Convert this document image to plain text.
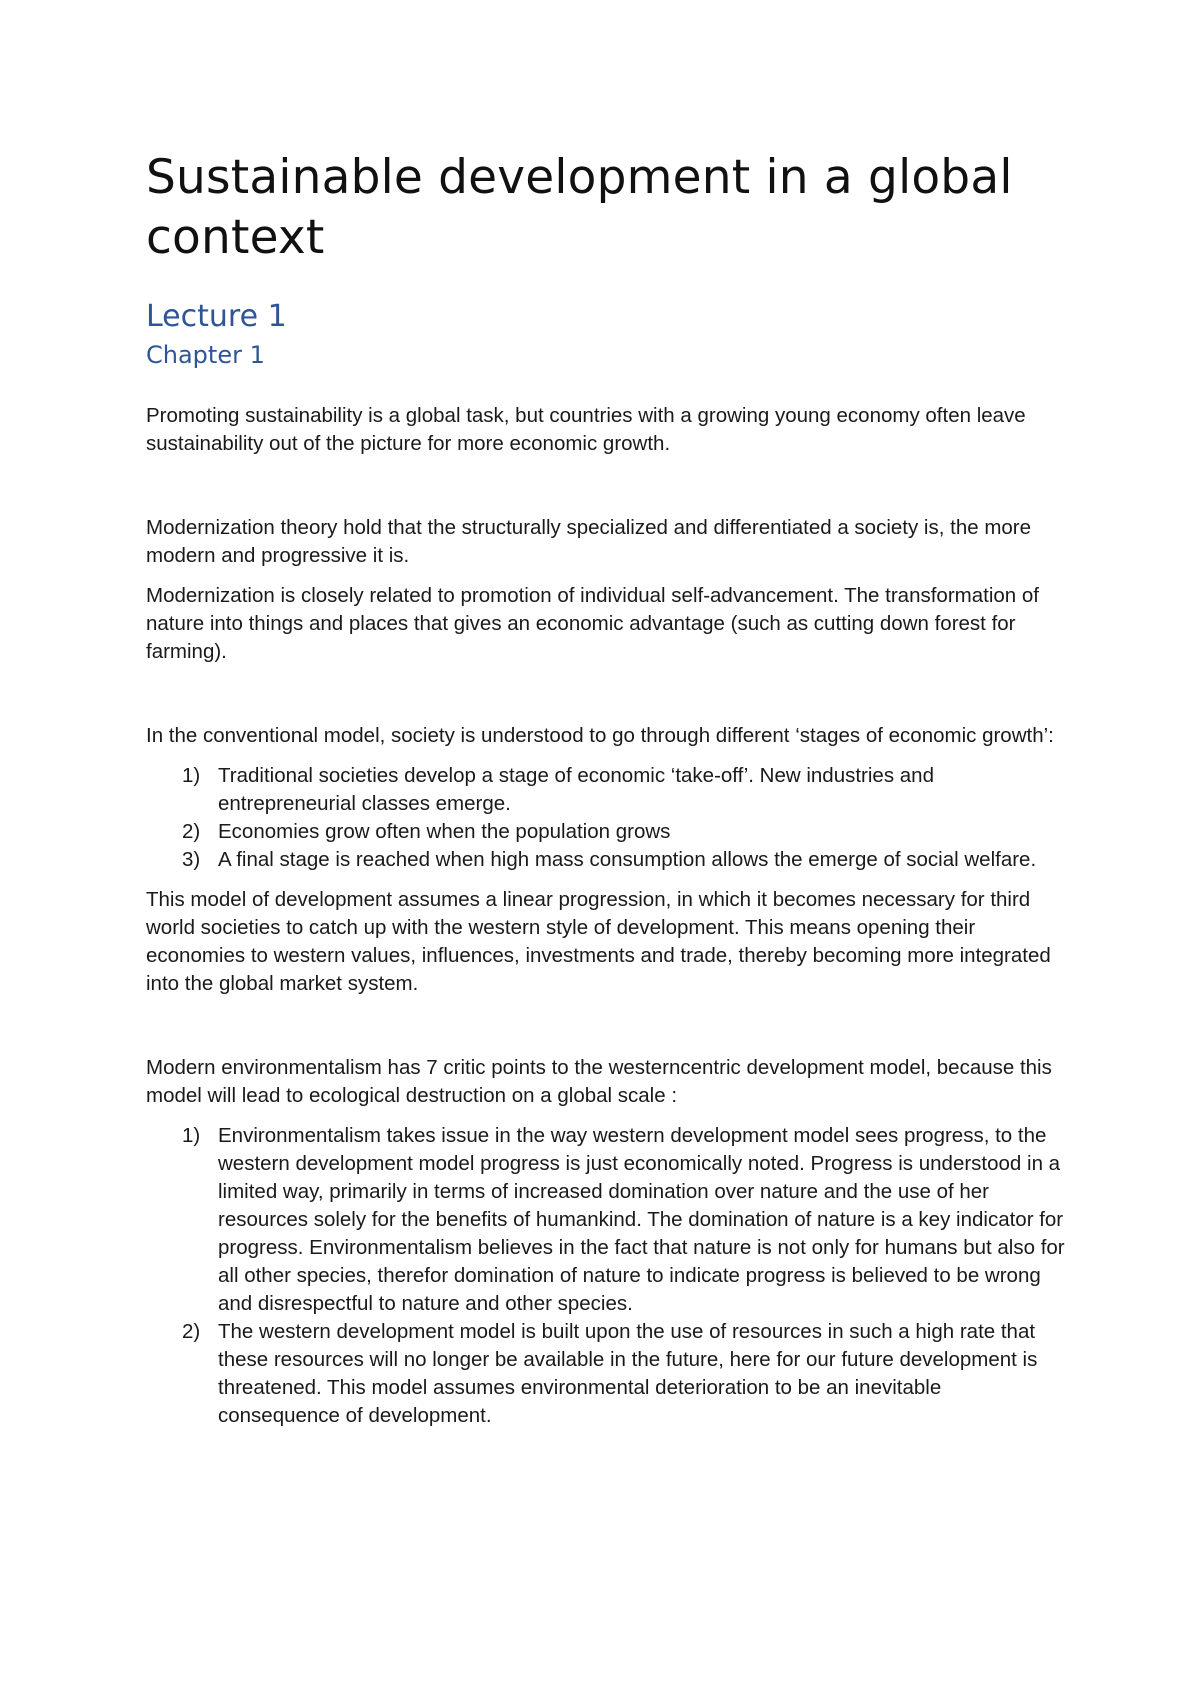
Sustainable development in a global context
Lecture 1
Chapter 1

Promoting sustainability is a global task, but countries with a growing young economy often leave sustainability out of the picture for more economic growth.

Modernization theory hold that the structurally specialized and differentiated a society is, the more modern and progressive it is.

Modernization is closely related to promotion of individual self-advancement. The transformation of nature into things and places that gives an economic advantage (such as cutting down forest for farming).

In the conventional model, society is understood to go through different ‘stages of economic growth’:

1) Traditional societies develop a stage of economic ‘take-off’. New industries and entrepreneurial classes emerge.
2) Economies grow often when the population grows
3) A final stage is reached when high mass consumption allows the emerge of social welfare.

This model of development assumes a linear progression, in which it becomes necessary for third world societies to catch up with the western style of development. This means opening their economies to western values, influences, investments and trade, thereby becoming more integrated into the global market system.

Modern environmentalism has 7 critic points to the westerncentric development model, because this model will lead to ecological destruction on a global scale :

1) Environmentalism takes issue in the way western development model sees progress, to the western development model progress is just economically noted. Progress is understood in a limited way, primarily in terms of increased domination over nature and the use of her resources solely for the benefits of humankind. The domination of nature is a key indicator for progress. Environmentalism believes in the fact that nature is not only for humans but also for all other species, therefor domination of nature to indicate progress is believed to be wrong and disrespectful to nature and other species.
2) The western development model is built upon the use of resources in such a high rate that these resources will no longer be available in the future, here for our future development is threatened. This model assumes environmental deterioration to be an inevitable consequence of development.
